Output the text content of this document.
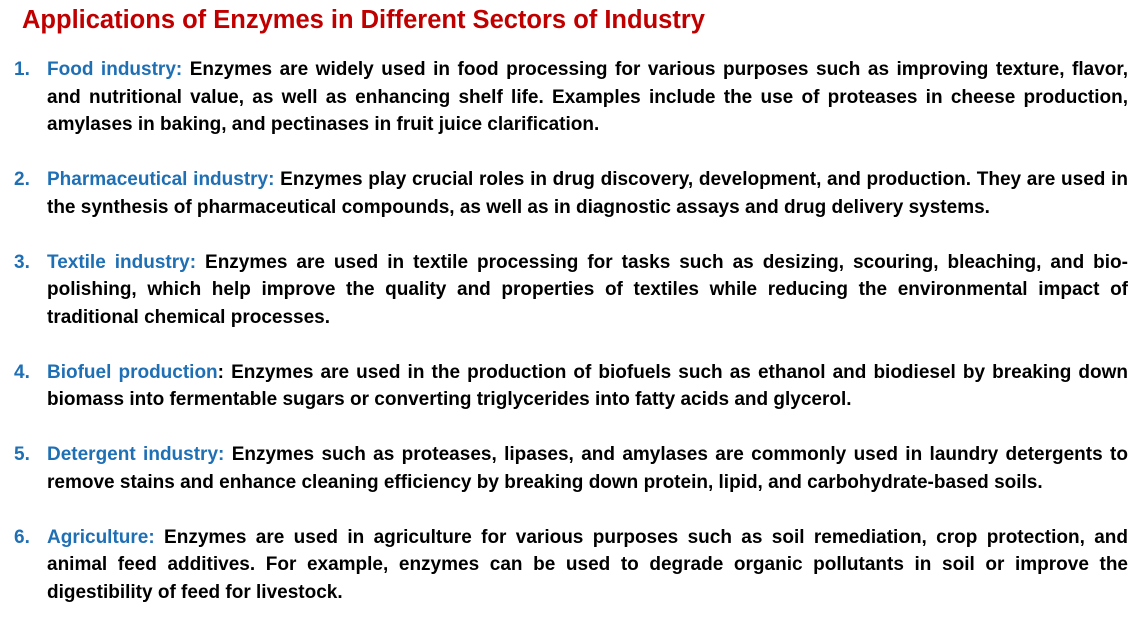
Applications of Enzymes in Different Sectors of Industry
1. Food industry: Enzymes are widely used in food processing for various purposes such as improving texture, flavor, and nutritional value, as well as enhancing shelf life. Examples include the use of proteases in cheese production, amylases in baking, and pectinases in fruit juice clarification.
2. Pharmaceutical industry: Enzymes play crucial roles in drug discovery, development, and production. They are used in the synthesis of pharmaceutical compounds, as well as in diagnostic assays and drug delivery systems.
3. Textile industry: Enzymes are used in textile processing for tasks such as desizing, scouring, bleaching, and bio-polishing, which help improve the quality and properties of textiles while reducing the environmental impact of traditional chemical processes.
4. Biofuel production: Enzymes are used in the production of biofuels such as ethanol and biodiesel by breaking down biomass into fermentable sugars or converting triglycerides into fatty acids and glycerol.
5. Detergent industry: Enzymes such as proteases, lipases, and amylases are commonly used in laundry detergents to remove stains and enhance cleaning efficiency by breaking down protein, lipid, and carbohydrate-based soils.
6. Agriculture: Enzymes are used in agriculture for various purposes such as soil remediation, crop protection, and animal feed additives. For example, enzymes can be used to degrade organic pollutants in soil or improve the digestibility of feed for livestock.
